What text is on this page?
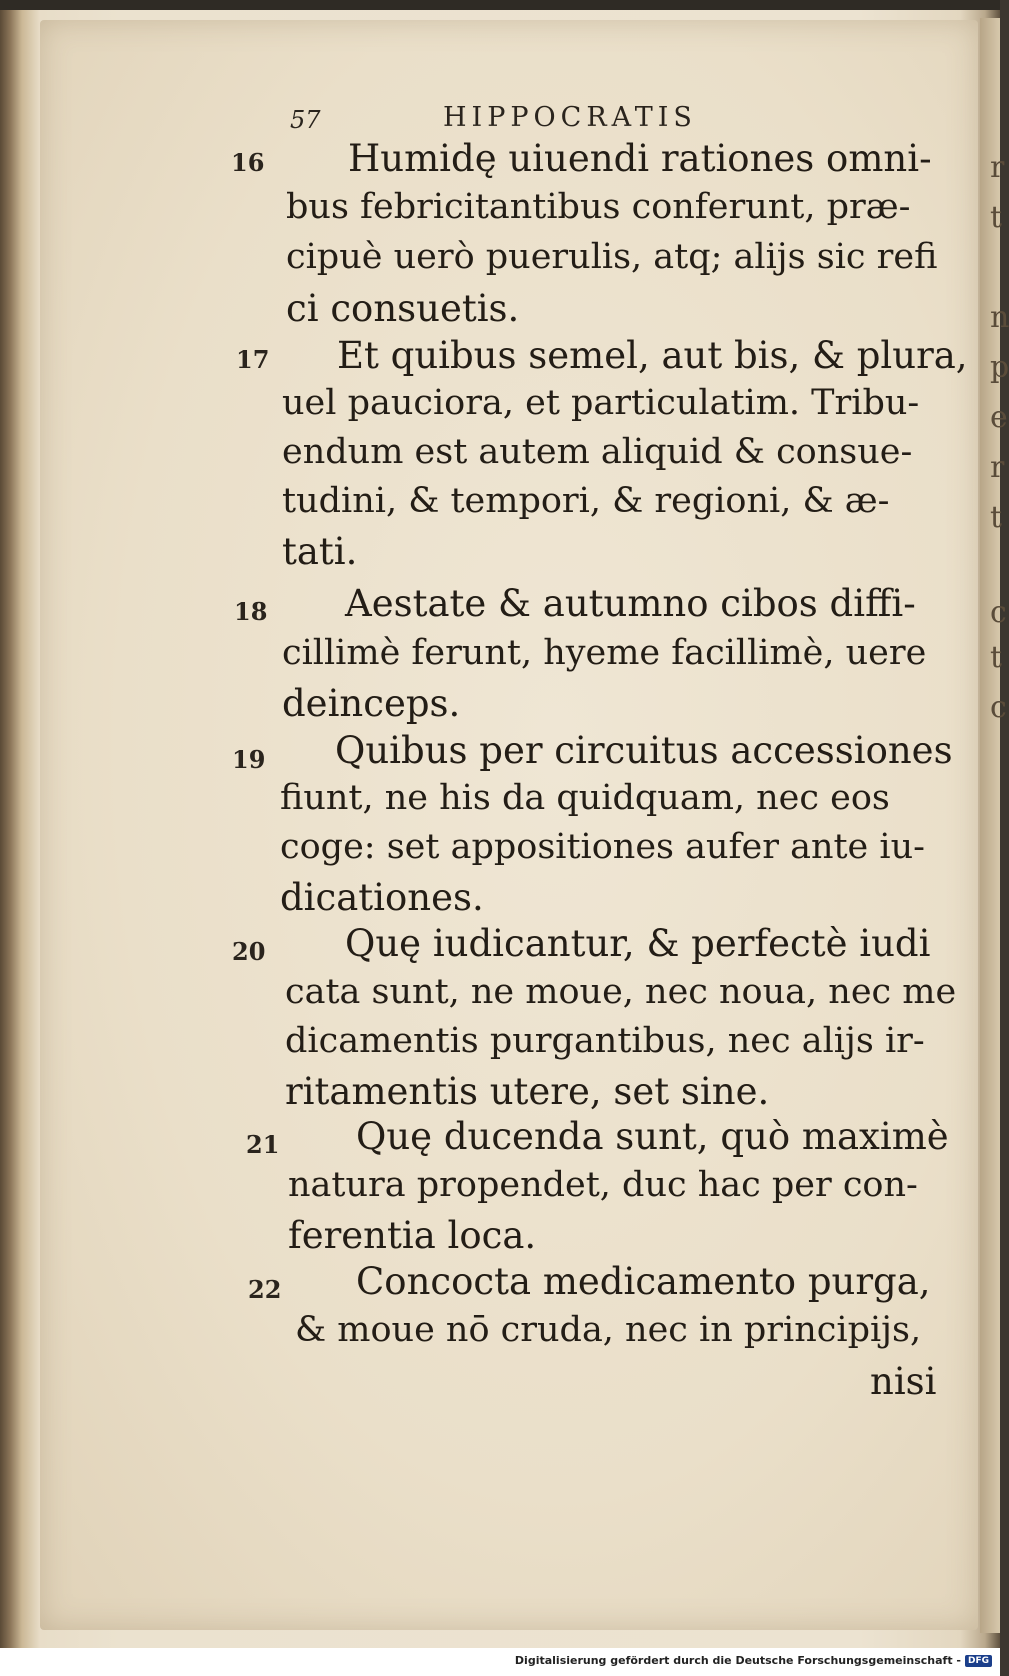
57	HIPPOCRATIS
16 Humidę uiuendi rationes omni-
bus febricitantibus conferunt, præ-
cipuè uerò puerulis, atq; aliјs sic refi
ci consuetis.
17 Et quibus semel, aut bis, & plura,
uel pauciora, et particulatim. Tribu-
endum est autem aliquid & consue-
tudini, & tempori, & regioni, & æ-
tati.
18 Aestate & autumno cibos diffi-
cillimè ferunt, hyeme facillimè, uere
deinceps.
19 Quibus per circuitus accessiones
fiunt, ne his da quidquam, nec eos
coge: set appositiones aufer ante iu-
dicationes.
20 Quę iudicantur, & perfectè iudi
cata sunt, ne moue, nec noua, nec me
dicamentis purgantibus, nec aliјs ir-
ritamentis utere, set sine.
21 Quę ducenda sunt, quò maximè
natura propendet, duc hac per con-
ferentia loca.
22 Concocta medicamento purga,
& moue nō cruda, nec in principijs,
nisi
r
t
n
p
e
r
t
c
t
c
Digitalisierung gefördert durch die Deutsche Forschungsgemeinschaft - DFG
